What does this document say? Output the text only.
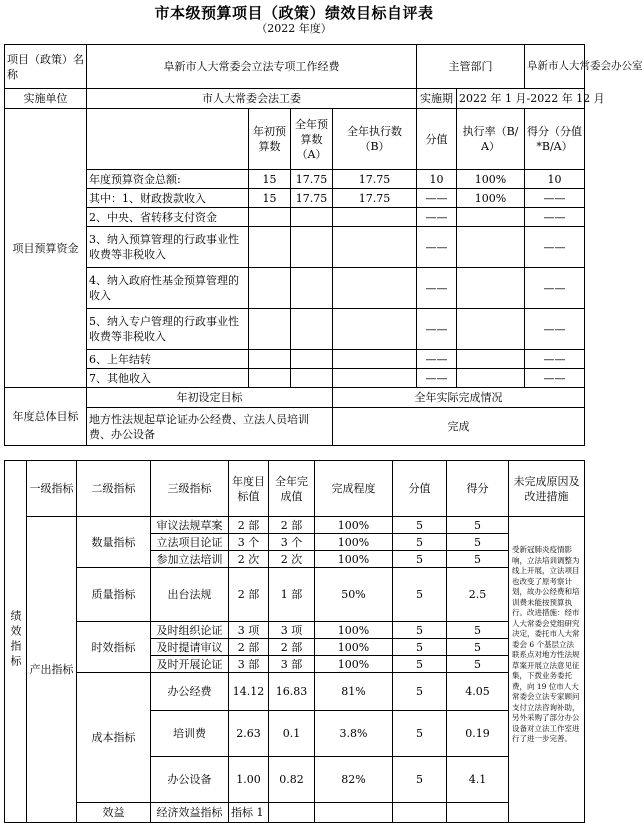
市本级预算项目（政策）绩效目标自评表
（2022 年度）
项目（政策）名称	阜新市人大常委会立法专项工作经费				主管部门		阜新市人大常委会办公室
实施单位	市人大常委会法工委				实施期	2022 年 1 月-2022 年 12 月	
项目预算资金		年初预算数	全年预算数（A）	全年执行数（B）	分值	执行率（B/A）	得分（分值*B/A）
	年度预算资金总额:	15	17.75	17.75	10	100%	10
	其中：1、财政拨款收入	15	17.75	17.75	——	100%	——
	2、中央、省转移支付资金				——		——
	3、纳入预算管理的行政事业性收费等非税收入				——		——
	4、纳入政府性基金预算管理的收入				——		——
	5、纳入专户管理的行政事业性收费等非税收入				——		——
	6、上年结转				——		——
	7、其他收入				——		——
年度总体目标	年初设定目标			全年实际完成情况			
	地方性法规起草论证办公经费、立法人员培训费、办公设备			完成			
绩效指标	一级指标	二级指标	三级指标	年度目标值	全年完成值	完成程度	分值	得分	未完成原因及改进措施	
	产出指标	数量指标	审议法规草案	2 部	2 部	100%	5	5	受新冠肺炎疫情影响，立法培训调整为线上开展，立法项目也改变了原考察计划，故办公经费和培训费未能按预算执行。改进措施：经市人大常委会党组研究决定，委托市人大常委会 6 个基层立法联系点对地方性法规草案开展立法意见征集，下拨业务委托费，向 19 位市人大常委会立法专家顾问支付立法咨询补助，另外采购了部分办公设备对立法工作室进行了进一步完善。	
			立法项目论证	3 个	3 个	100%	5	5		
			参加立法培训	2 次	2 次	100%	5	5		
		质量指标	出台法规	2 部	1 部	50%	5	2.5		
		时效指标	及时组织论证	3 项	3 项	100%	5	5		
			及时提请审议	2 部	2 部	100%	5	5		
			及时开展论证	3 部	3 部	100%	5	5		
		成本指标	办公经费	14.12	16.83	81%	5	4.05		
			培训费	2.63	0.1	3.8%	5	0.19		
			办公设备	1.00	0.82	82%	5	4.1		
		效益	经济效益指标	指标 1						
